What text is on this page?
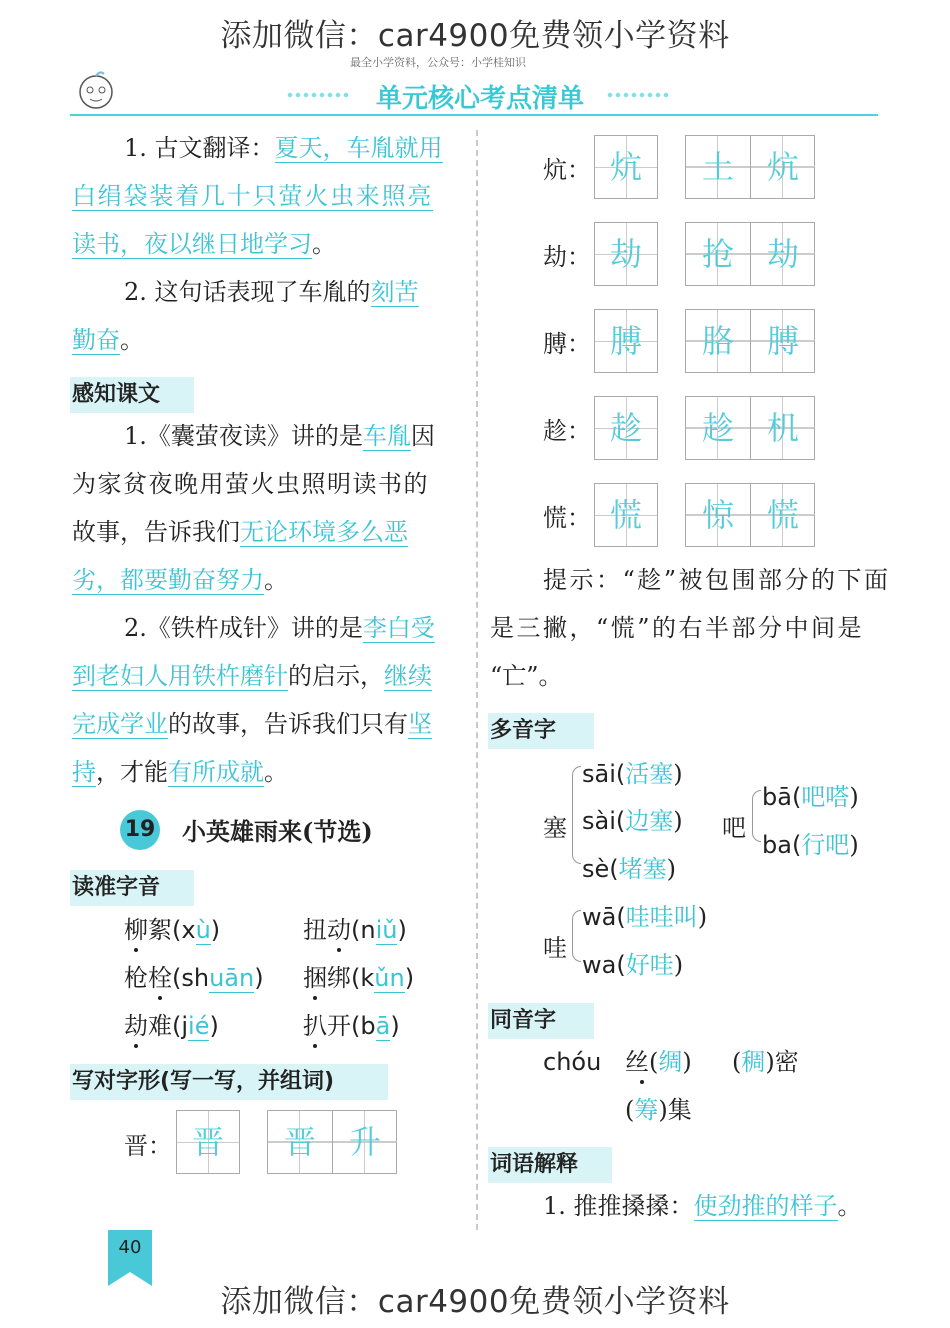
添加微信：car4900免费领小学资料
添加微信：car4900免费领小学资料
最全小学资料，公众号：小学桂知识
单元核心考点清单
1. 古文翻译：夏天，车胤就用
白绢袋装着几十只萤火虫来照亮
读书，夜以继日地学习。
2. 这句话表现了车胤的刻苦
勤奋。
感知课文
1.《囊萤夜读》讲的是车胤因
为家贫夜晚用萤火虫照明读书的
故事，告诉我们无论环境多么恶
劣，都要勤奋努力。
2.《铁杵成针》讲的是李白受
到老妇人用铁杵磨针的启示，继续
完成学业的故事，告诉我们只有坚
持，才能有所成就。
19 小英雄雨来(节选)
读准字音
柳絮(xù)	扭动(niǔ)
枪栓(shuān) 捆绑(kǔn)
劫难(jié)	扒开(bā)
写对字形(写一写，并组词)
晋： 晋	晋	升
炕： 炕	土	炕
劫： 劫	抢	劫
膊： 膊	胳	膊
趁： 趁	趁	机
慌： 慌	惊	慌
提示：“趁”被包围部分的下面
是三撇，“慌”的右半部分中间是
“亡”。
多音字
塞
sāi(活塞)
sài(边塞)
sè(堵塞)
吧
bā(吧嗒)
ba(行吧)
哇
wā(哇哇叫)
wa(好哇)
同音字
chóu 丝(绸) (稠)密
(筹)集
词语解释
1. 推推搡搡：使劲推的样子。
40
